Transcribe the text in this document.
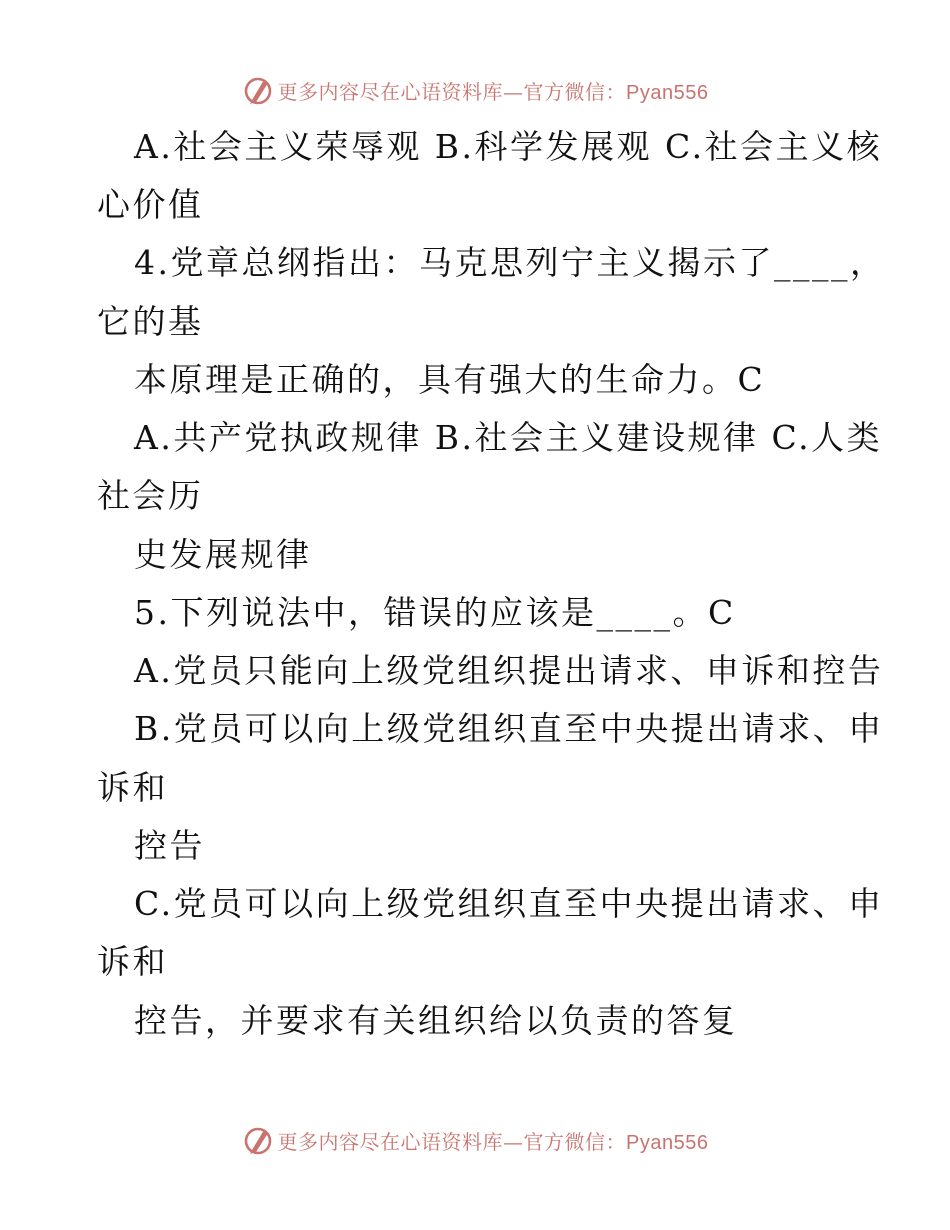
更多内容尽在心语资料库—官方微信：Pyan556
A.社会主义荣辱观 B.科学发展观 C.社会主义核
心价值
4.党章总纲指出：马克思列宁主义揭示了____，
它的基
本原理是正确的，具有强大的生命力。C
A.共产党执政规律 B.社会主义建设规律 C.人类
社会历
史发展规律
5.下列说法中，错误的应该是____。C
A.党员只能向上级党组织提出请求、申诉和控告
B.党员可以向上级党组织直至中央提出请求、申
诉和
控告
C.党员可以向上级党组织直至中央提出请求、申
诉和
控告，并要求有关组织给以负责的答复
更多内容尽在心语资料库—官方微信：Pyan556
